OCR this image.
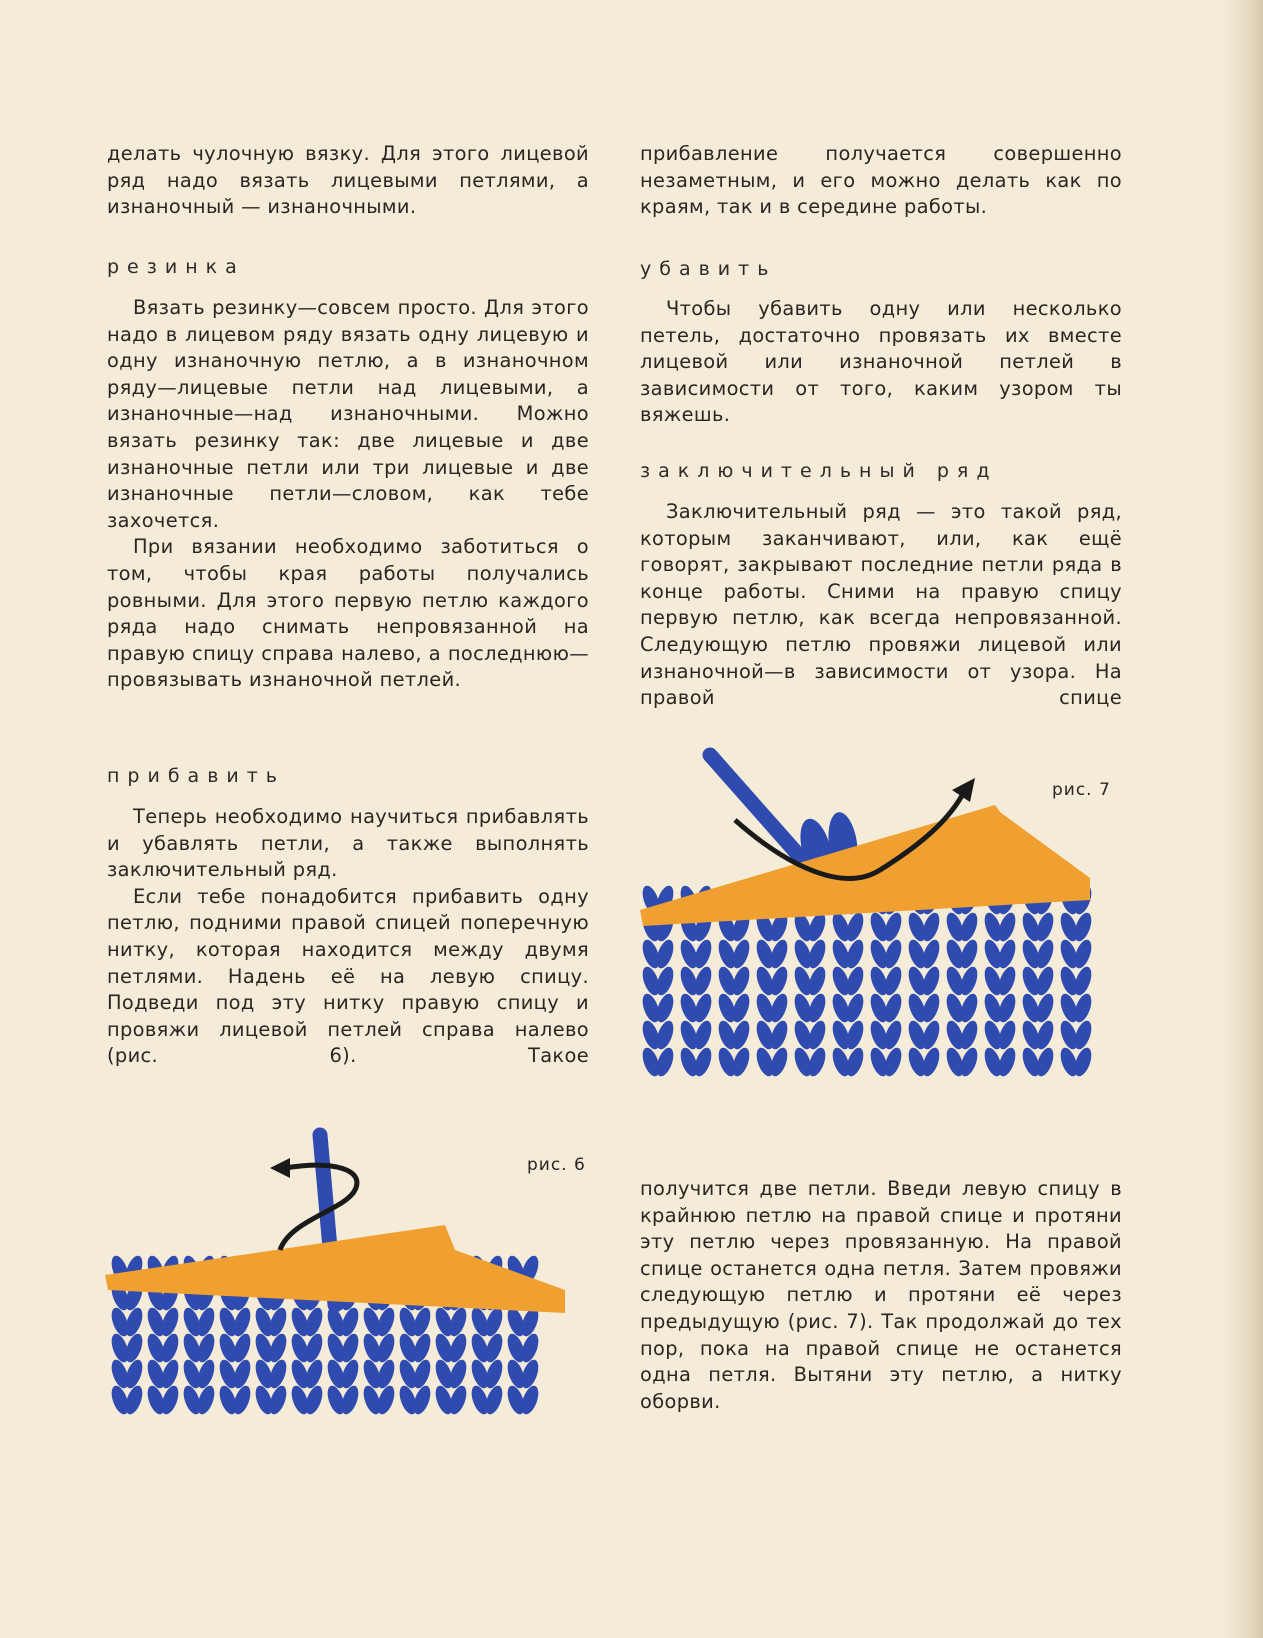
делать чулочную вязку. Для этого лицевой ряд надо вязать лицевыми петлями, а изнаночный — изнаночными.

резинка

Вязать резинку—совсем просто. Для этого надо в лицевом ряду вязать одну лицевую и одну изнаночную петлю, а в изнаночном ряду—лицевые петли над лицевыми, а изнаночные—над изнаночными. Можно вязать резинку так: две лицевые и две изнаночные петли или три лицевые и две изнаночные петли—словом, как тебе захочется.

При вязании необходимо заботиться о том, чтобы края работы получались ровными. Для этого первую петлю каждого ряда надо снимать непровязанной на правую спицу справа налево, а последнюю—провязывать изнаночной петлей.

прибавить

Теперь необходимо научиться прибавлять и убавлять петли, а также выполнять заключительный ряд.

Если тебе понадобится прибавить одну петлю, подними правой спицей поперечную нитку, которая находится между двумя петлями. Надень её на левую спицу. Подведи под эту нитку правую спицу и провяжи лицевой петлей справа налево (рис. 6). Такое

прибавление получается совершенно незаметным, и его можно делать как по краям, так и в середине работы.

убавить

Чтобы убавить одну или несколько петель, достаточно провязать их вместе лицевой или изнаночной петлей в зависимости от того, каким узором ты вяжешь.

заключительный ряд

Заключительный ряд — это такой ряд, которым заканчивают, или, как ещё говорят, закрывают последние петли ряда в конце работы. Сними на правую спицу первую петлю, как всегда непровязанной. Следующую петлю провяжи лицевой или изнаночной—в зависимости от узора. На правой спице

получится две петли. Введи левую спицу в крайнюю петлю на правой спице и протяни эту петлю через провязанную. На правой спице останется одна петля. Затем провяжи следующую петлю и протяни её через предыдущую (рис. 7). Так продолжай до тех пор, пока на правой спице не останется одна петля. Вытяни эту петлю, а нитку оборви.

рис. 7
рис. 6
